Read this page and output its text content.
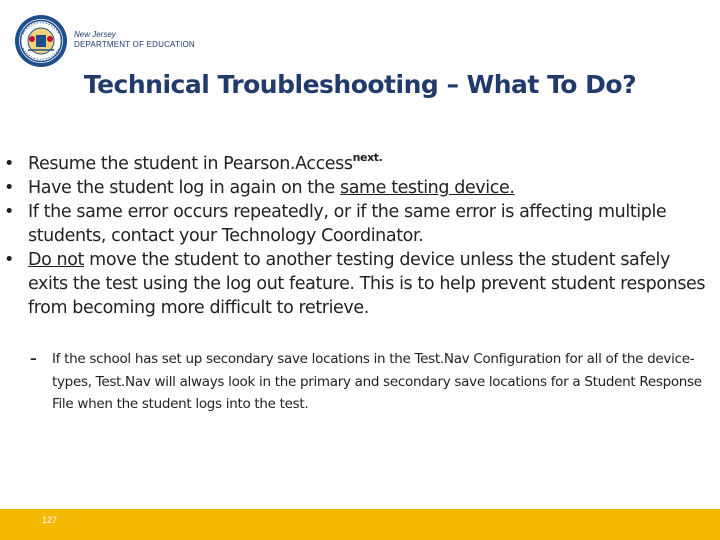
New Jersey
DEPARTMENT OF EDUCATION
Technical Troubleshooting – What To Do?
• Resume the student in Pearson.Access$^{next.}$
• Have the student log in again on the same testing device.
• If the same error occurs repeatedly, or if the same error is affecting multiple students, contact your Technology Coordinator.
• Do not move the student to another testing device unless the student safely exits the test using the log out feature. This is to help prevent student responses from becoming more difficult to retrieve.
– If the school has set up secondary save locations in the Test.Nav Configuration for all of the device-types, Test.Nav will always look in the primary and secondary save locations for a Student Response File when the student logs into the test.
127
